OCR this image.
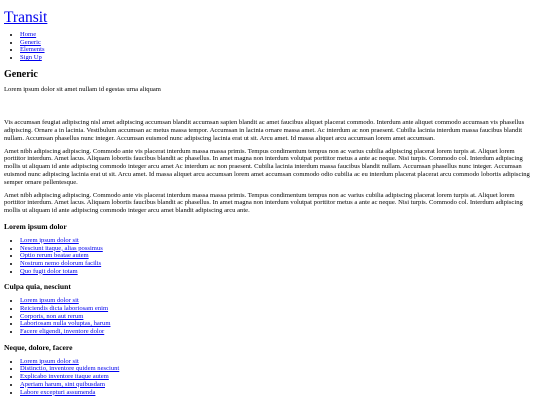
Transit
• Home
• Generic
• Elements
• Sign Up
Generic

Lorem ipsum dolor sit amet nullam id egestas urna aliquam

Vis accumsan feugiat adipiscing nisl amet adipiscing accumsan blandit accumsan sapien blandit ac amet faucibus aliquet placerat commodo. Interdum ante aliquet commodo accumsan vis phasellus adipiscing. Ornare a in lacinia. Vestibulum accumsan ac metus massa tempor. Accumsan in lacinia ornare massa amet. Ac interdum ac non praesent. Cubilia lacinia interdum massa faucibus blandit nullam. Accumsan phasellus nunc integer. Accumsan euismod nunc adipiscing lacinia erat ut sit. Arcu amet. Id massa aliquet arcu accumsan lorem amet accumsan.

Amet nibh adipiscing adipiscing. Commodo ante vis placerat interdum massa massa primis. Tempus condimentum tempus non ac varius cubilia adipiscing placerat lorem turpis at. Aliquet lorem porttitor interdum. Amet lacus. Aliquam lobortis faucibus blandit ac phasellus. In amet magna non interdum volutpat porttitor metus a ante ac neque. Nisi turpis. Commodo col. Interdum adipiscing mollis ut aliquam id ante adipiscing commodo integer arcu amet Ac interdum ac non praesent. Cubilia lacinia interdum massa faucibus blandit nullam. Accumsan phasellus nunc integer. Accumsan euismod nunc adipiscing lacinia erat ut sit. Arcu amet. Id massa aliquet arcu accumsan lorem amet accumsan commodo odio cubilia ac eu interdum placerat placerat arcu commodo lobortis adipiscing semper ornare pellentesque.

Amet nibh adipiscing adipiscing. Commodo ante vis placerat interdum massa massa primis. Tempus condimentum tempus non ac varius cubilia adipiscing placerat lorem turpis at. Aliquet lorem porttitor interdum. Amet lacus. Aliquam lobortis faucibus blandit ac phasellus. In amet magna non interdum volutpat porttitor metus a ante ac neque. Nisi turpis. Commodo col. Interdum adipiscing mollis ut aliquam id ante adipiscing commodo integer arcu amet blandit adipiscing arcu ante.

Lorem ipsum dolor
• Lorem ipsum dolor sit
• Nesciunt itaque, alias possimus
• Optio rerum beatae autem
• Nostrum nemo dolorum facilis
• Quo fugit dolor totam
Culpa quia, nesciunt
• Lorem ipsum dolor sit
• Reiciendis dicta laboriosam enim
• Corporis, non aut rerum
• Laboriosam nulla voluptas, harum
• Facere eligendi, inventore dolor
Neque, dolore, facere
• Lorem ipsum dolor sit
• Distinctio, inventore quidem nesciunt
• Explicabo inventore itaque autem
• Aperiam harum, sint quibusdam
• Labore excepturi assumenda
